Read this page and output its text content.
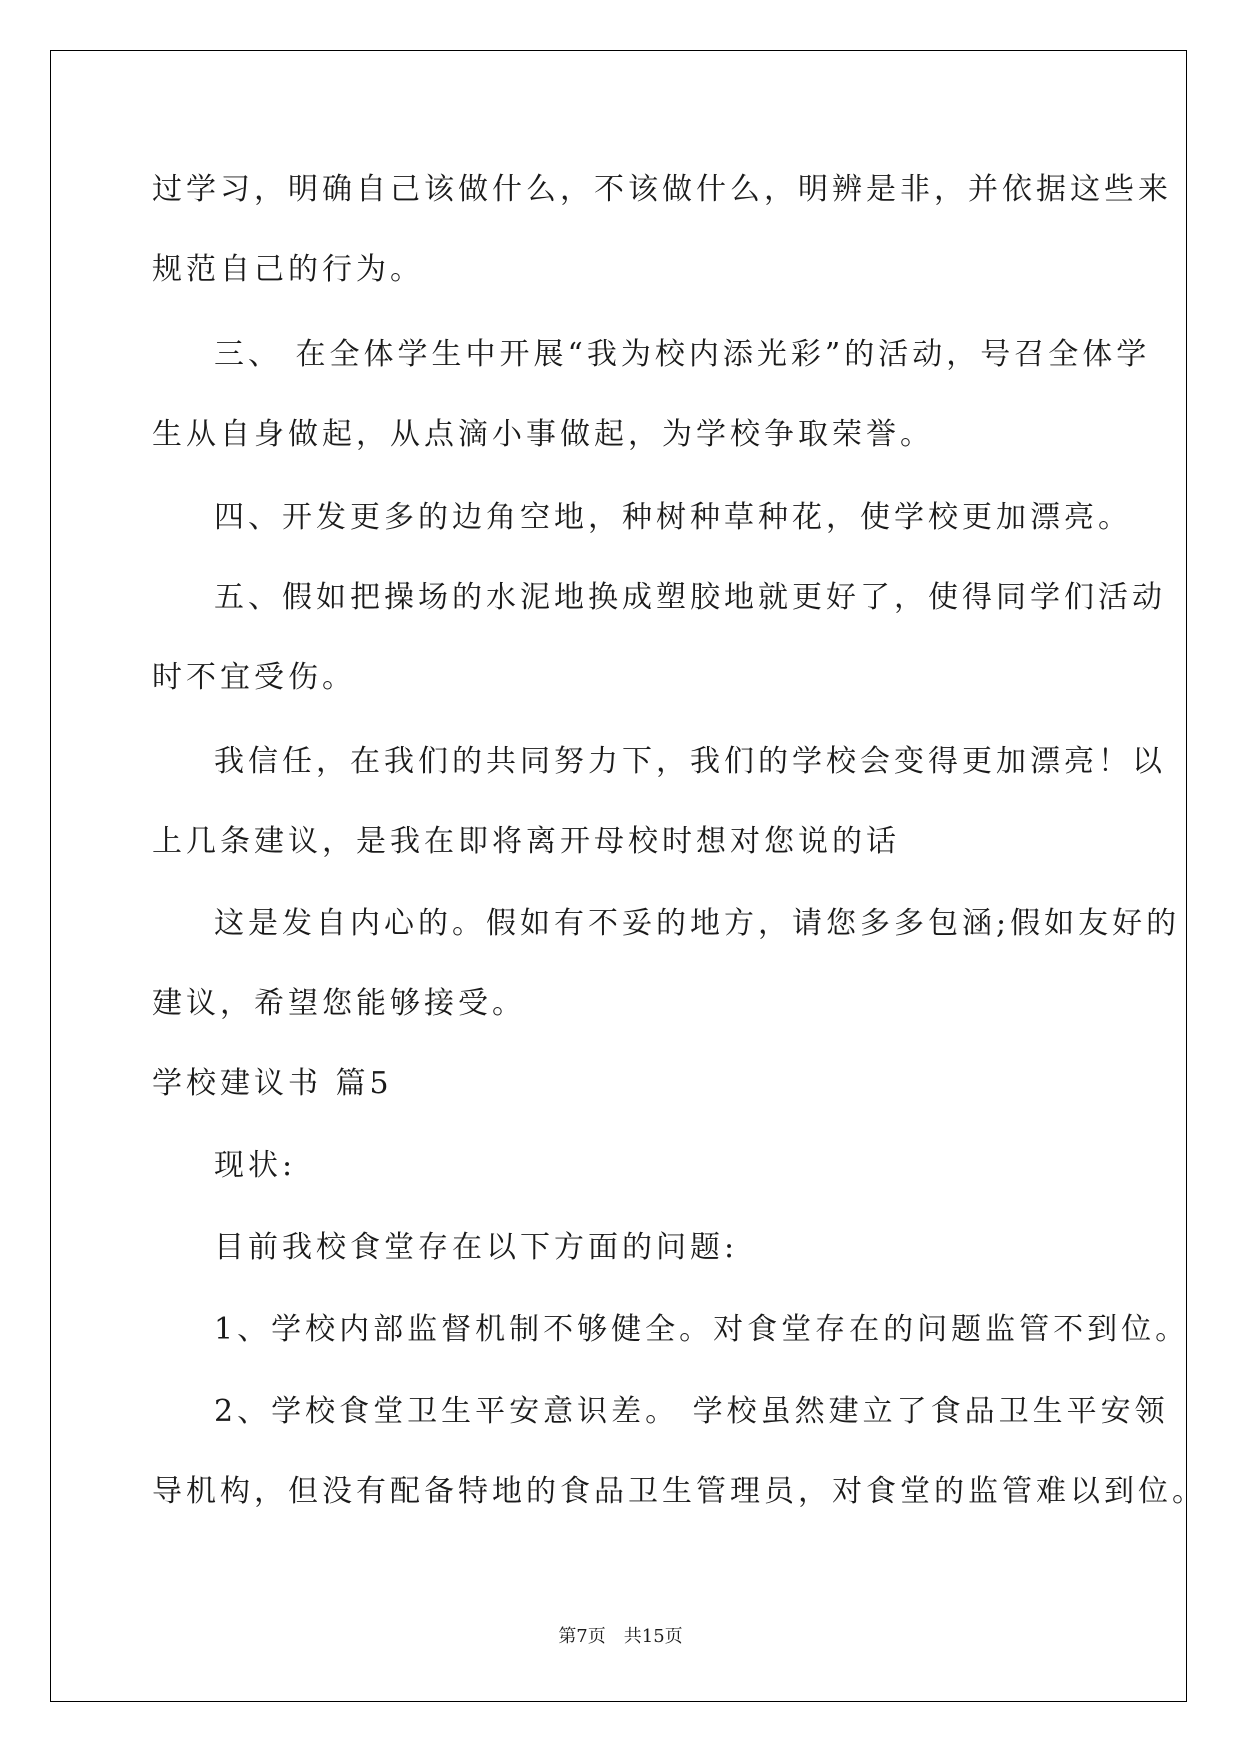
过学习，明确自己该做什么，不该做什么，明辨是非，并依据这些来

规范自己的行为。

三、 在全体学生中开展“我为校内添光彩”的活动，号召全体学

生从自身做起，从点滴小事做起，为学校争取荣誉。

四、开发更多的边角空地，种树种草种花，使学校更加漂亮。

五、假如把操场的水泥地换成塑胶地就更好了，使得同学们活动

时不宜受伤。

我信任，在我们的共同努力下，我们的学校会变得更加漂亮！以

上几条建议，是我在即将离开母校时想对您说的话

这是发自内心的。假如有不妥的地方，请您多多包涵;假如友好的

建议，希望您能够接受。

学校建议书 篇5

现状:

目前我校食堂存在以下方面的问题:

1、学校内部监督机制不够健全。对食堂存在的问题监管不到位。

2、学校食堂卫生平安意识差。 学校虽然建立了食品卫生平安领

导机构，但没有配备特地的食品卫生管理员，对食堂的监管难以到位。

第7页 共15页
